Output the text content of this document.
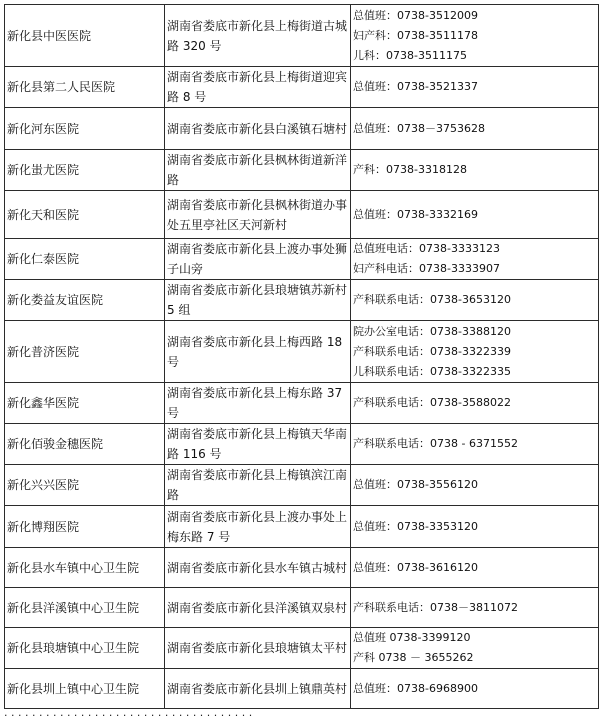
新化县中医医院	湖南省娄底市新化县上梅街道古城路 320 号	总值班：0738-3512009
妇产科：0738-3511178
儿科：0738-3511175

新化县第二人民医院	湖南省娄底市新化县上梅街道迎宾路 8 号	总值班：0738-3521337

新化河东医院	湖南省娄底市新化县白溪镇石塘村	总值班：0738－3753628

新化蚩尤医院	湖南省娄底市新化县枫林街道新洋路	产科：0738-3318128

新化天和医院	湖南省娄底市新化县枫林街道办事处五里亭社区天河新村	总值班：0738-3332169

新化仁泰医院	湖南省娄底市新化县上渡办事处狮子山旁	总值班电话：0738-3333123
妇产科电话：0738-3333907

新化娄益友谊医院	湖南省娄底市新化县琅塘镇苏新村 5 组	产科联系电话：0738-3653120

新化普济医院	湖南省娄底市新化县上梅西路 18 号	院办公室电话：0738-3388120
产科联系电话：0738-3322339
儿科联系电话：0738-3322335

新化鑫华医院	湖南省娄底市新化县上梅东路 37 号	产科联系电话：0738-3588022

新化佰骏金穗医院	湖南省娄底市新化县上梅镇天华南路 116 号	产科联系电话：0738 - 6371552

新化兴兴医院	湖南省娄底市新化县上梅镇滨江南路	总值班：0738-3556120

新化博翔医院	湖南省娄底市新化县上渡办事处上梅东路 7 号	总值班：0738-3353120

新化县水车镇中心卫生院	湖南省娄底市新化县水车镇古城村	总值班：0738-3616120

新化县洋溪镇中心卫生院	湖南省娄底市新化县洋溪镇双泉村	产科联系电话：0738－3811072

新化县琅塘镇中心卫生院	湖南省娄底市新化县琅塘镇太平村	总值班 0738-3399120
产科 0738 － 3655262

新化县圳上镇中心卫生院	湖南省娄底市新化县圳上镇鼎英村	总值班：0738-6968900
· · · · · · · · · · · · · · · · · · · · · · · · · · · · · · · · · · · ·
